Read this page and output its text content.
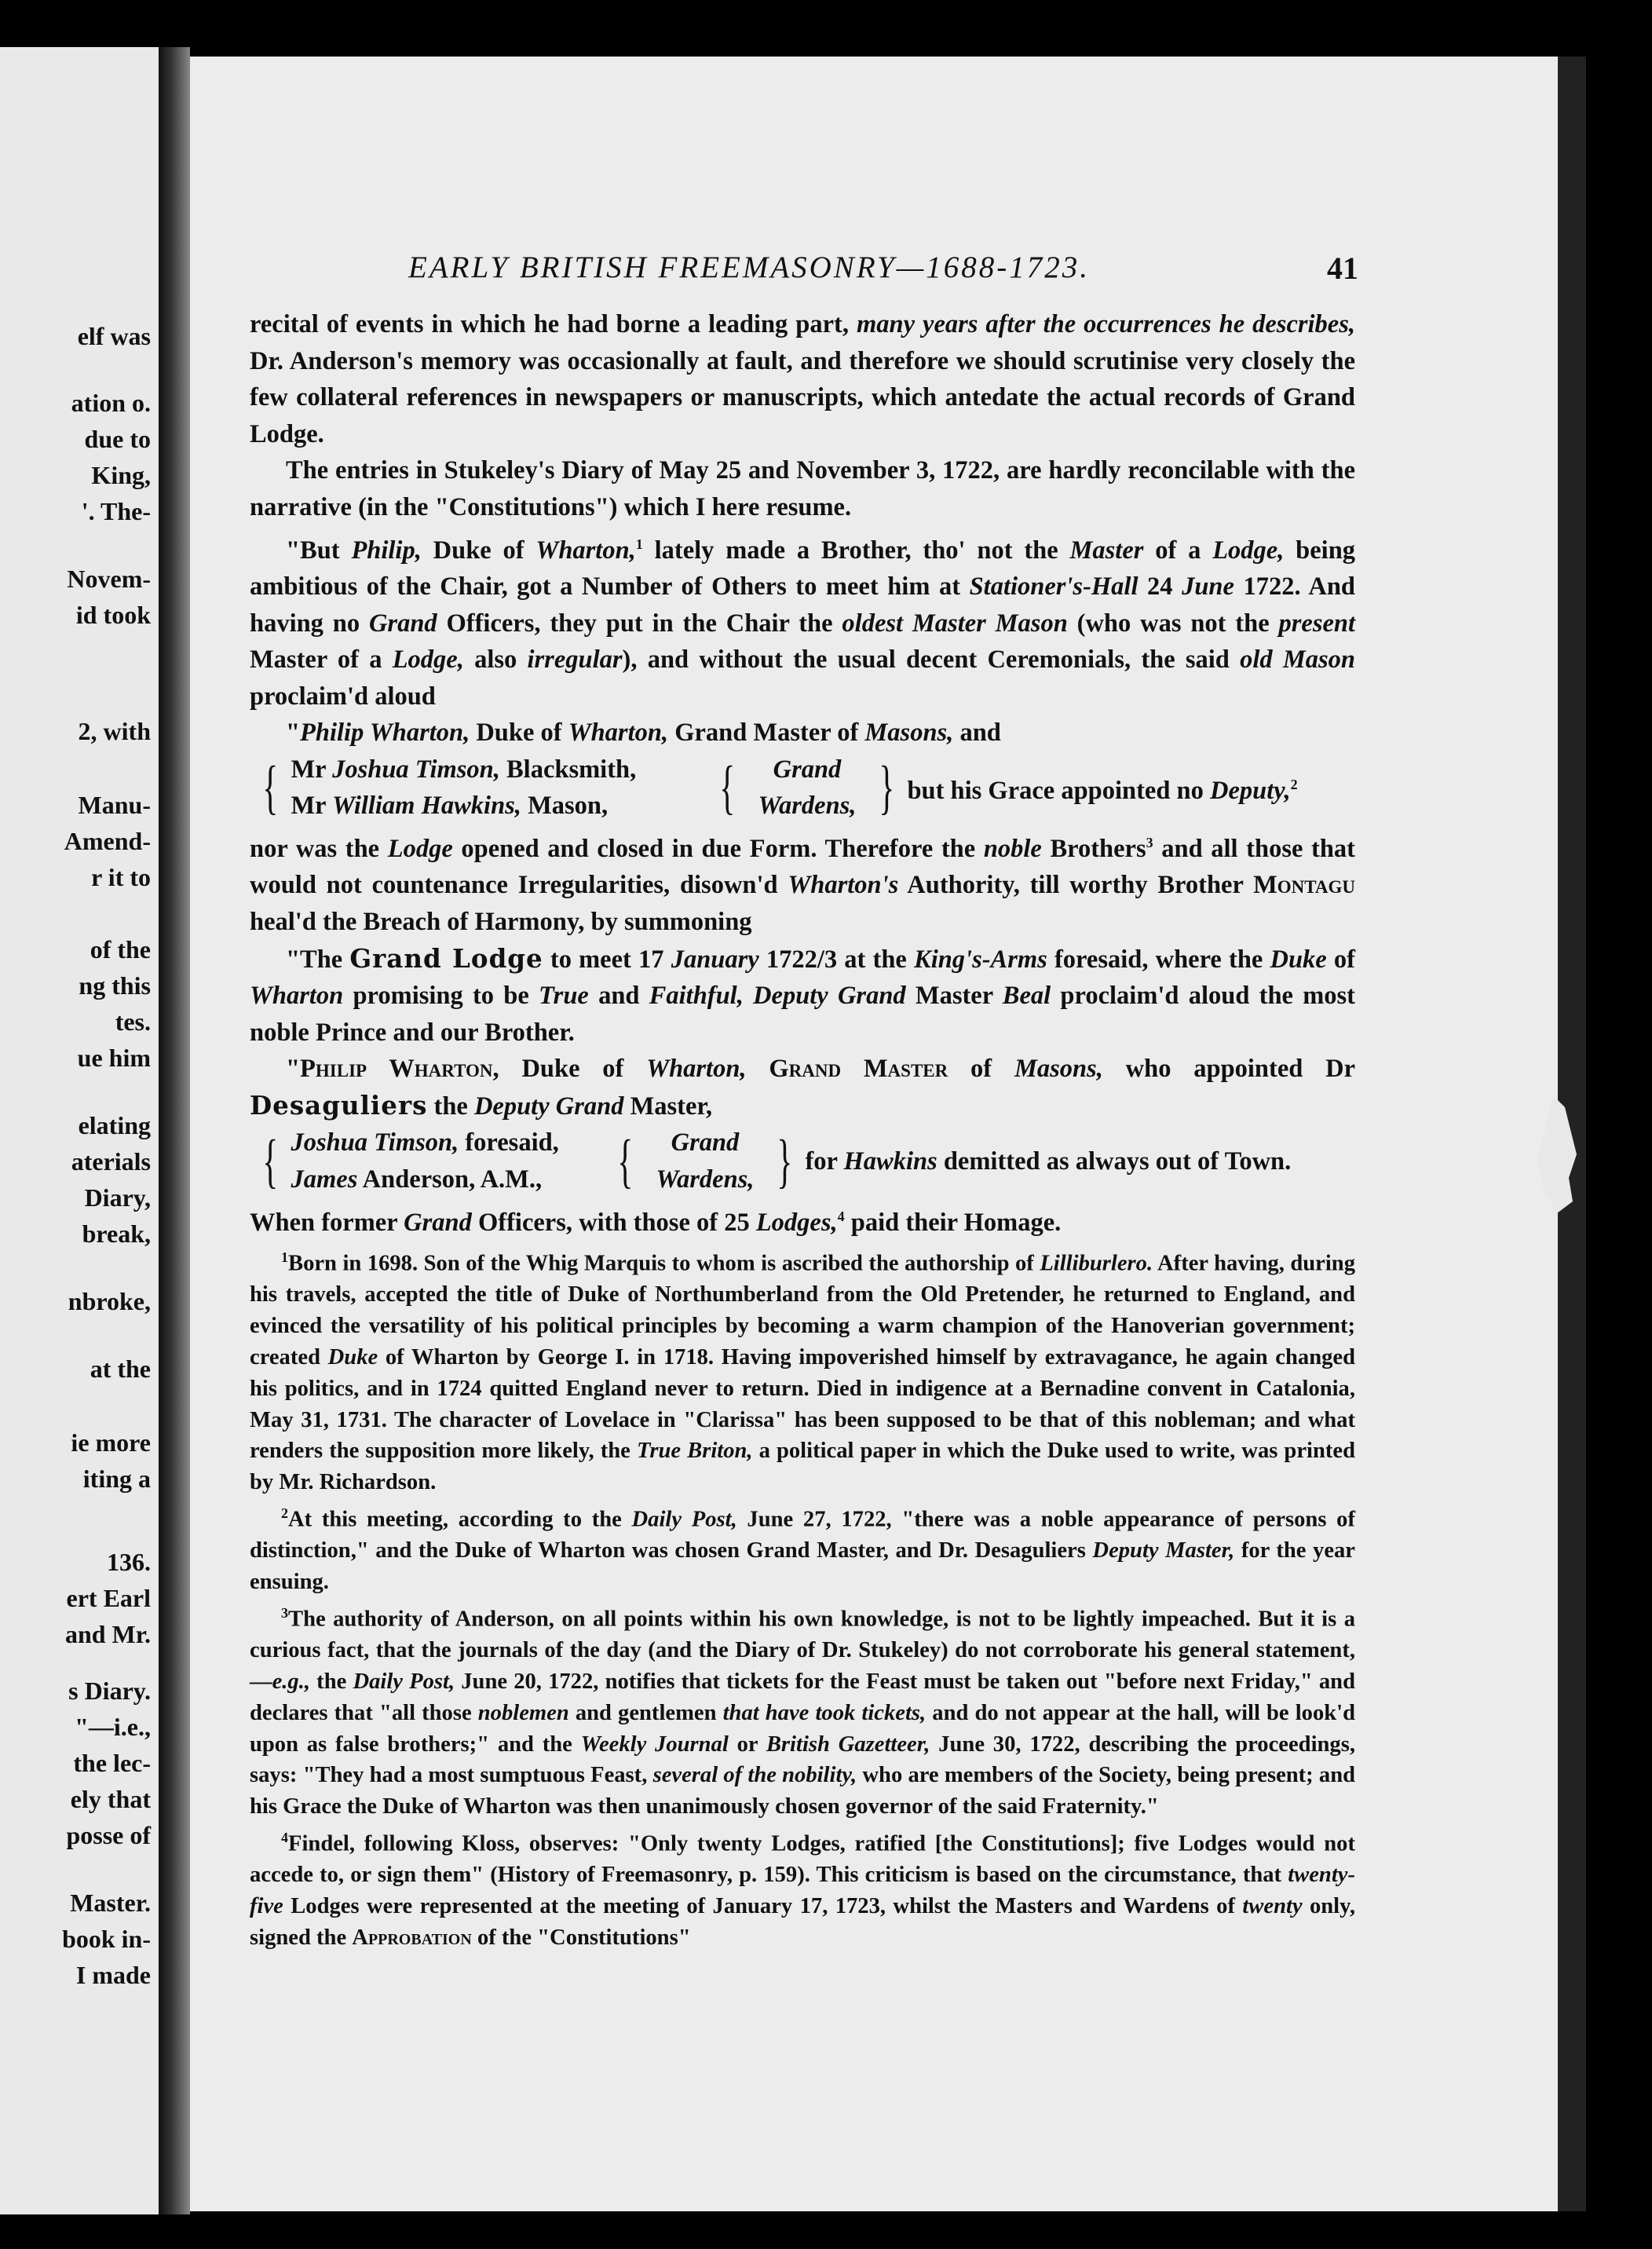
elf was
ation o.
due to
King,
'. The-
Novem-
id took
2, with
Manu-
Amend-
r it to
of the
ng this
tes.
ue him
elating
aterials
Diary,
break,
nbroke,
at the
ie more
iting a
136.
ert Earl
and Mr.
s Diary.
"—i.e.,
the lec-
ely that
posse of
Master.
book in-
I made
EARLY BRITISH FREEMASONRY—1688-1723.	41

recital of events in which he had borne a leading part, many years after the occurrences he describes, Dr. Anderson's memory was occasionally at fault, and therefore we should scrutinise very closely the few collateral references in newspapers or manuscripts, which antedate the actual records of Grand Lodge.

The entries in Stukeley's Diary of May 25 and November 3, 1722, are hardly reconcilable with the narrative (in the "Constitutions") which I here resume.

"But Philip, Duke of Wharton,$^1$ lately made a Brother, tho' not the Master of a Lodge, being ambitious of the Chair, got a Number of Others to meet him at Stationer's-Hall 24 June 1722. And having no Grand Officers, they put in the Chair the oldest Master Mason (who was not the present Master of a Lodge, also irregular), and without the usual decent Ceremonials, the said old Mason proclaim'd aloud

"Philip Wharton, Duke of Wharton, Grand Master of Masons, and

{ Mr Joshua Timson, Blacksmith,
Mr William Hawkins, Mason,	{	Grand
Wardens, } but his Grace appointed no Deputy,$^2$

nor was the Lodge opened and closed in due Form. Therefore the noble Brothers$^3$ and all those that would not countenance Irregularities, disown'd Wharton's Authority, till worthy Brother Montagu heal'd the Breach of Harmony, by summoning

"The Grand Lodge to meet 17 January 1722/3 at the King's-Arms foresaid, where the Duke of Wharton promising to be True and Faithful, Deputy Grand Master Beal proclaim'd aloud the most noble Prince and our Brother.

"Philip Wharton, Duke of Wharton, Grand Master of Masons, who appointed Dr Desaguliers the Deputy Grand Master,

{ Joshua Timson, foresaid,
James Anderson, A.M.,	{	Grand
Wardens, } for Hawkins demitted as always out of Town.

When former Grand Officers, with those of 25 Lodges,$^4$ paid their Homage.

$^1$Born in 1698. Son of the Whig Marquis to whom is ascribed the authorship of Lilliburlero. After having, during his travels, accepted the title of Duke of Northumberland from the Old Pretender, he returned to England, and evinced the versatility of his political principles by becoming a warm champion of the Hanoverian government; created Duke of Wharton by George I. in 1718. Having impoverished himself by extravagance, he again changed his politics, and in 1724 quitted England never to return. Died in indigence at a Bernadine convent in Catalonia, May 31, 1731. The character of Lovelace in "Clarissa" has been supposed to be that of this nobleman; and what renders the supposition more likely, the True Briton, a political paper in which the Duke used to write, was printed by Mr. Richardson.

$^2$At this meeting, according to the Daily Post, June 27, 1722, "there was a noble appearance of persons of distinction," and the Duke of Wharton was chosen Grand Master, and Dr. Desaguliers Deputy Master, for the year ensuing.

$^3$The authority of Anderson, on all points within his own knowledge, is not to be lightly impeached. But it is a curious fact, that the journals of the day (and the Diary of Dr. Stukeley) do not corroborate his general statement,—e.g., the Daily Post, June 20, 1722, notifies that tickets for the Feast must be taken out "before next Friday," and declares that "all those noblemen and gentlemen that have took tickets, and do not appear at the hall, will be look'd upon as false brothers;" and the Weekly Journal or British Gazetteer, June 30, 1722, describing the proceedings, says: "They had a most sumptuous Feast, several of the nobility, who are members of the Society, being present; and his Grace the Duke of Wharton was then unanimously chosen governor of the said Fraternity."

$^4$Findel, following Kloss, observes: "Only twenty Lodges, ratified [the Constitutions]; five Lodges would not accede to, or sign them" (History of Freemasonry, p. 159). This criticism is based on the circumstance, that twenty-five Lodges were represented at the meeting of January 17, 1723, whilst the Masters and Wardens of twenty only, signed the Approbation of the "Constitutions"
